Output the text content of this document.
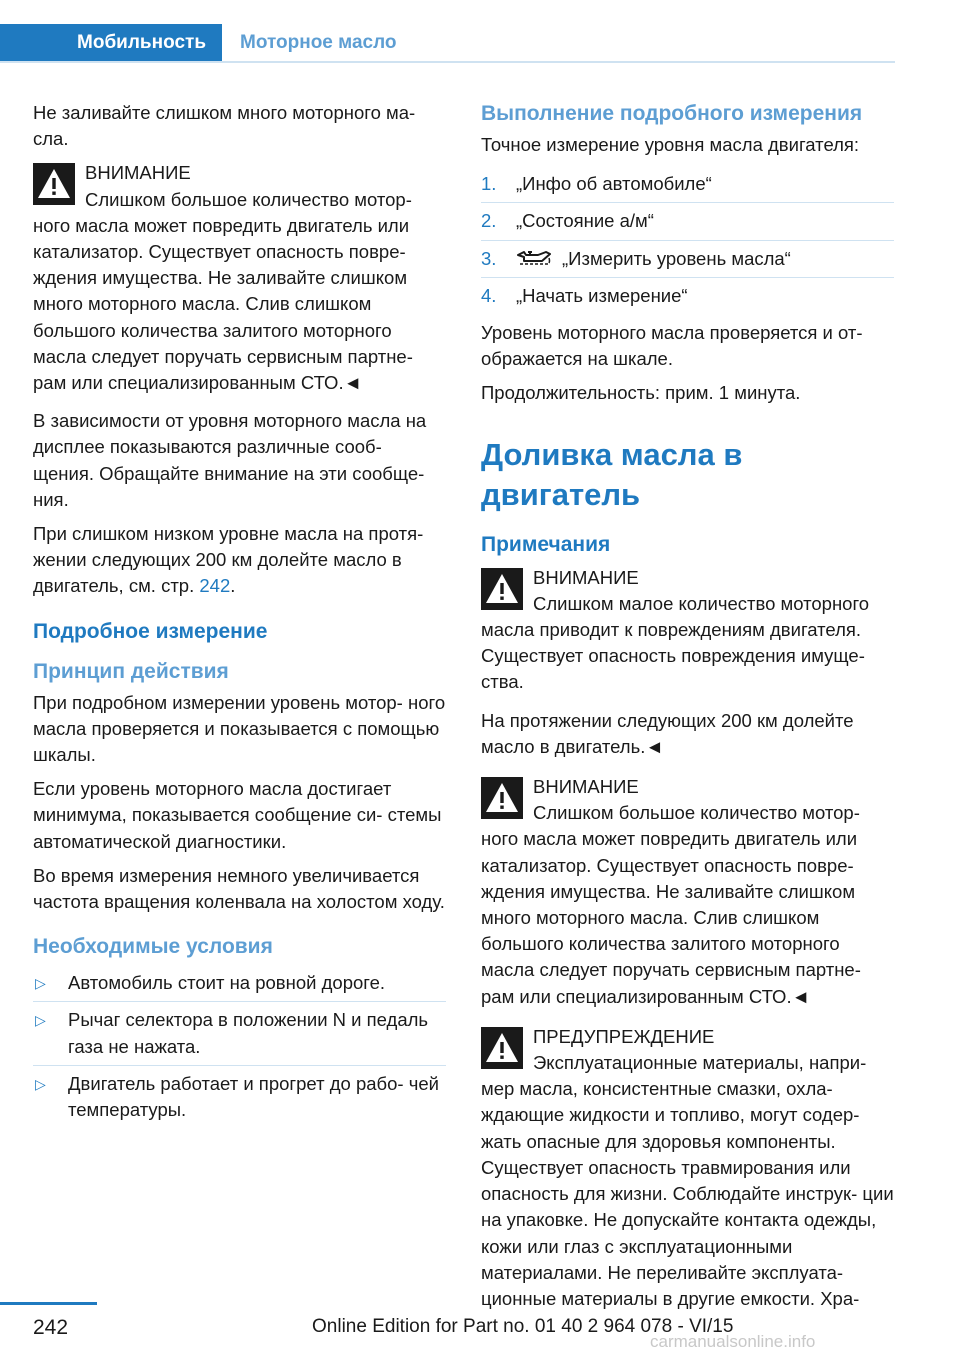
Мобильность	Моторное масло

Не заливайте слишком много моторного ма- сла.

ВНИМАНИЕ
Слишком большое количество мотор- ного масла может повредить двигатель или катализатор. Существует опасность повре- ждения имущества. Не заливайте слишком много моторного масла. Слив слишком большого количества залитого моторного масла следует поручать сервисным партне- рам или специализированным СТО.◄

В зависимости от уровня моторного масла на дисплее показываются различные сооб- щения. Обращайте внимание на эти сообще- ния.

При слишком низком уровне масла на протя- жении следующих 200 км долейте масло в двигатель, см. стр. 242.

Подробное измерение
Принцип действия

При подробном измерении уровень мотор- ного масла проверяется и показывается с помощью шкалы.

Если уровень моторного масла достигает минимума, показывается сообщение си- стемы автоматической диагностики.

Во время измерения немного увеличивается частота вращения коленвала на холостом ходу.

Необходимые условия
▷ Автомобиль стоит на ровной дороге.
▷ Рычаг селектора в положении N и педаль газа не нажата.
▷ Двигатель работает и прогрет до рабо- чей температуры.
Выполнение подробного измерения

Точное измерение уровня масла двигателя:

1. „Инфо об автомобиле“
2. „Состояние а/м“
3.	„Измерить уровень масла“
4. „Начать измерение“

Уровень моторного масла проверяется и от- ображается на шкале.

Продолжительность: прим. 1 минута.

Доливка масла в двигатель
Примечания
ВНИМАНИЕ
Слишком малое количество моторного масла приводит к повреждениям двигателя. Существует опасность повреждения имуще- ства.

На протяжении следующих 200 км долейте масло в двигатель.◄

ВНИМАНИЕ
Слишком большое количество мотор- ного масла может повредить двигатель или катализатор. Существует опасность повре- ждения имущества. Не заливайте слишком много моторного масла. Слив слишком большого количества залитого моторного масла следует поручать сервисным партне- рам или специализированным СТО.◄
ПРЕДУПРЕЖДЕНИЕ
Эксплуатационные материалы, напри- мер масла, консистентные смазки, охла- ждающие жидкости и топливо, могут содер- жать опасные для здоровья компоненты. Существует опасность травмирования или опасность для жизни. Соблюдайте инструк- ции на упаковке. Не допускайте контакта одежды, кожи или глаз с эксплуатационными материалами. Не переливайте эксплуата- ционные материалы в другие емкости. Хра-
242	Online Edition for Part no. 01 40 2 964 078 - VI/15
carmanualsonline.info
